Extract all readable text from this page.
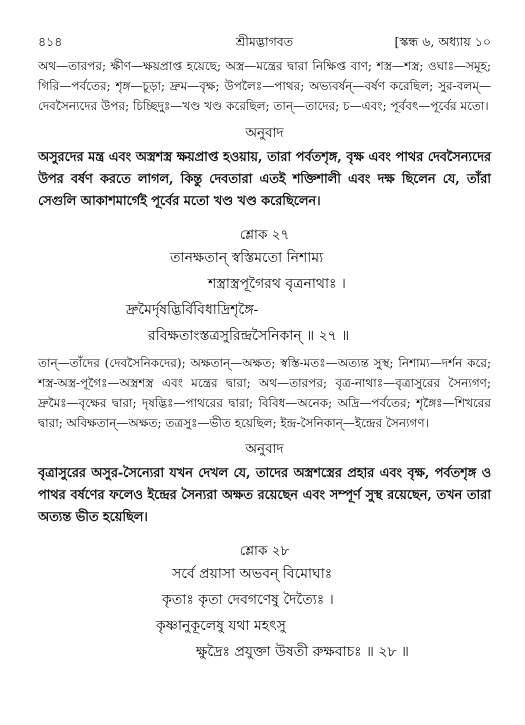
৪১৪	শ্রীমদ্ভাগবত	[স্কন্ধ ৬, অধ্যায় ১০

অথ—তারপর; ক্ষীণ—ক্ষয়প্রাপ্ত হয়েছে; অস্ত্র—মন্ত্রের দ্বারা নিক্ষিপ্ত বাণ; শস্ত্র—শস্ত্র; ওঘাঃ—সমূহ; গিরি—পর্বতের; শৃঙ্গ—চূড়া; দ্রুম—বৃক্ষ; উপলৈঃ—পাথর; অভ্যবর্ষন্—বর্ষণ করেছিল; সুর-বলম্—দেবসৈন্যদের উপর; চিচ্ছিদুঃ—খণ্ড খণ্ড করেছিল; তান্—তাদের; চ—এবং; পূর্ববৎ—পূর্বের মতো।

অনুবাদ

অসুরদের মন্ত্র এবং অস্ত্রশস্ত্র ক্ষয়প্রাপ্ত হওয়ায়, তারা পর্বতশৃঙ্গ, বৃক্ষ এবং পাথর দেবসৈন্যদের উপর বর্ষণ করতে লাগল, কিন্তু দেবতারা এতই শক্তিশালী এবং দক্ষ ছিলেন যে, তাঁরা সেগুলি আকাশমার্গেই পূর্বের মতো খণ্ড খণ্ড করেছিলেন।

শ্লোক ২৭
তানক্ষতান্ স্বস্তিমতো নিশাম্য
শস্ত্রাস্ত্রপূগৈরথ বৃত্রনাথাঃ ।
দ্রুমৈর্দৃষদ্ভির্বিবিধাদ্রিশৃঙ্গৈ-
রবিক্ষতাংস্তত্রসুরিন্দ্রসৈনিকান্ ॥ ২৭ ॥

তান্—তাঁদের (দেবসৈনিকদের); অক্ষতান্—অক্ষত; স্বস্তি-মতঃ—অত্যন্ত সুস্থ; নিশাম্য—দর্শন করে; শস্ত্র-অস্ত্র-পূগৈঃ—অস্ত্রশস্ত্র এবং মন্ত্রের দ্বারা; অথ—তারপর; বৃত্র-নাথাঃ—বৃত্রাসুরের সৈন্যগণ; দ্রুমৈঃ—বৃক্ষের দ্বারা; দৃষদ্ভিঃ—পাথরের দ্বারা; বিবিধ—অনেক; অদ্রি—পর্বতের; শৃঙ্গৈঃ—শিখরের দ্বারা; অবিক্ষতান্—অক্ষত; তত্রসুঃ—ভীত হয়েছিল; ইন্দ্র-সৈনিকান্—ইন্দ্রের সৈন্যগণ।

অনুবাদ

বৃত্রাসুরের অসুর-সৈন্যেরা যখন দেখল যে, তাদের অস্ত্রশস্ত্রের প্রহার এবং বৃক্ষ, পর্বতশৃঙ্গ ও পাথর বর্ষণের ফলেও ইন্দ্রের সৈন্যরা অক্ষত রয়েছেন এবং সম্পূর্ণ সুস্থ রয়েছেন, তখন তারা অত্যন্ত ভীত হয়েছিল।

শ্লোক ২৮
সর্বে প্রয়াসা অভবন্ বিমোঘাঃ
কৃতাঃ কৃতা দেবগণেষু দৈত্যৈঃ ।
কৃষ্ণানুকূলেষু যথা মহৎসু
ক্ষুদ্রৈঃ প্রযুক্তা উষতী রুক্ষবাচঃ ॥ ২৮ ॥
